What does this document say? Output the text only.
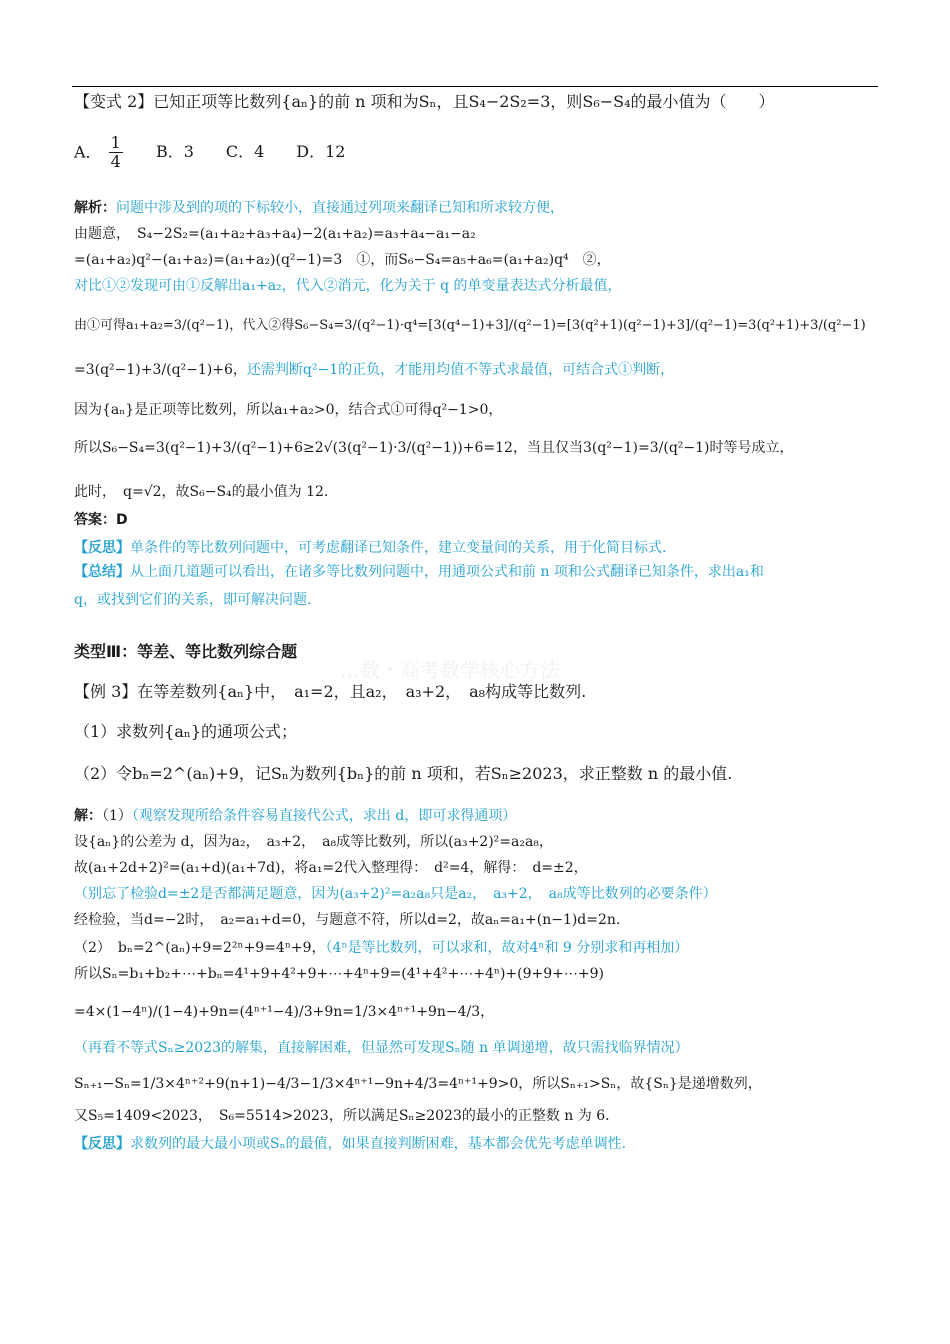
…数・高考数学核心方法
【变式 2】已知正项等比数列{aₙ}的前 n 项和为Sₙ，且S₄−2S₂=3，则S₆−S₄的最小值为（　　）
A． $\frac{1}{4}$ B．3　　C．4　　D．12
解析：问题中涉及到的项的下标较小，直接通过列项来翻译已知和所求较方便，
由题意，　S₄−2S₂=(a₁+a₂+a₃+a₄)−2(a₁+a₂)=a₃+a₄−a₁−a₂
=(a₁+a₂)q²−(a₁+a₂)=(a₁+a₂)(q²−1)=3　①，而S₆−S₄=a₅+a₆=(a₁+a₂)q⁴　②，
对比①②发现可由①反解出a₁+a₂，代入②消元，化为关于 q 的单变量表达式分析最值，
由①可得a₁+a₂=3/(q²−1)，代入②得S₆−S₄=3/(q²−1)·q⁴=[3(q⁴−1)+3]/(q²−1)=[3(q²+1)(q²−1)+3]/(q²−1)=3(q²+1)+3/(q²−1)
=3(q²−1)+3/(q²−1)+6，还需判断q²−1的正负，才能用均值不等式求最值，可结合式①判断，
因为{aₙ}是正项等比数列，所以a₁+a₂>0，结合式①可得q²−1>0，
所以S₆−S₄=3(q²−1)+3/(q²−1)+6≥2√(3(q²−1)·3/(q²−1))+6=12，当且仅当3(q²−1)=3/(q²−1)时等号成立，
此时，　q=√2，故S₆−S₄的最小值为 12.
答案：D
【反思】单条件的等比数列问题中，可考虑翻译已知条件，建立变量间的关系，用于化简目标式.
【总结】从上面几道题可以看出，在诸多等比数列问题中，用通项公式和前 n 项和公式翻译已知条件，求出a₁和
q，或找到它们的关系，即可解决问题.
类型Ⅲ：等差、等比数列综合题
【例 3】在等差数列{aₙ}中，　a₁=2，且a₂，　a₃+2，　a₈构成等比数列.
（1）求数列{aₙ}的通项公式；
（2）令bₙ=2^(aₙ)+9，记Sₙ为数列{bₙ}的前 n 项和，若Sₙ≥2023，求正整数 n 的最小值.
解：（1）（观察发现所给条件容易直接代公式，求出 d，即可求得通项）
设{aₙ}的公差为 d，因为a₂，　a₃+2，　a₈成等比数列，所以(a₃+2)²=a₂a₈，
故(a₁+2d+2)²=(a₁+d)(a₁+7d)，将a₁=2代入整理得：　d²=4，解得：　d=±2，
（别忘了检验d=±2是否都满足题意，因为(a₃+2)²=a₂a₈只是a₂，　a₃+2，　a₈成等比数列的必要条件）
经检验，当d=−2时，　a₂=a₁+d=0，与题意不符，所以d=2，故aₙ=a₁+(n−1)d=2n.
（2）　bₙ=2^(aₙ)+9=2²ⁿ+9=4ⁿ+9，（4ⁿ是等比数列，可以求和，故对4ⁿ和 9 分别求和再相加）
所以Sₙ=b₁+b₂+⋯+bₙ=4¹+9+4²+9+⋯+4ⁿ+9=(4¹+4²+⋯+4ⁿ)+(9+9+⋯+9)
=4×(1−4ⁿ)/(1−4)+9n=(4ⁿ⁺¹−4)/3+9n=1/3×4ⁿ⁺¹+9n−4/3，
（再看不等式Sₙ≥2023的解集，直接解困难，但显然可发现Sₙ随 n 单调递增，故只需找临界情况）
Sₙ₊₁−Sₙ=1/3×4ⁿ⁺²+9(n+1)−4/3−1/3×4ⁿ⁺¹−9n+4/3=4ⁿ⁺¹+9>0，所以Sₙ₊₁>Sₙ，故{Sₙ}是递增数列，
又S₅=1409<2023，　S₆=5514>2023，所以满足Sₙ≥2023的最小的正整数 n 为 6.
【反思】求数列的最大最小项或Sₙ的最值，如果直接判断困难，基本都会优先考虑单调性.
